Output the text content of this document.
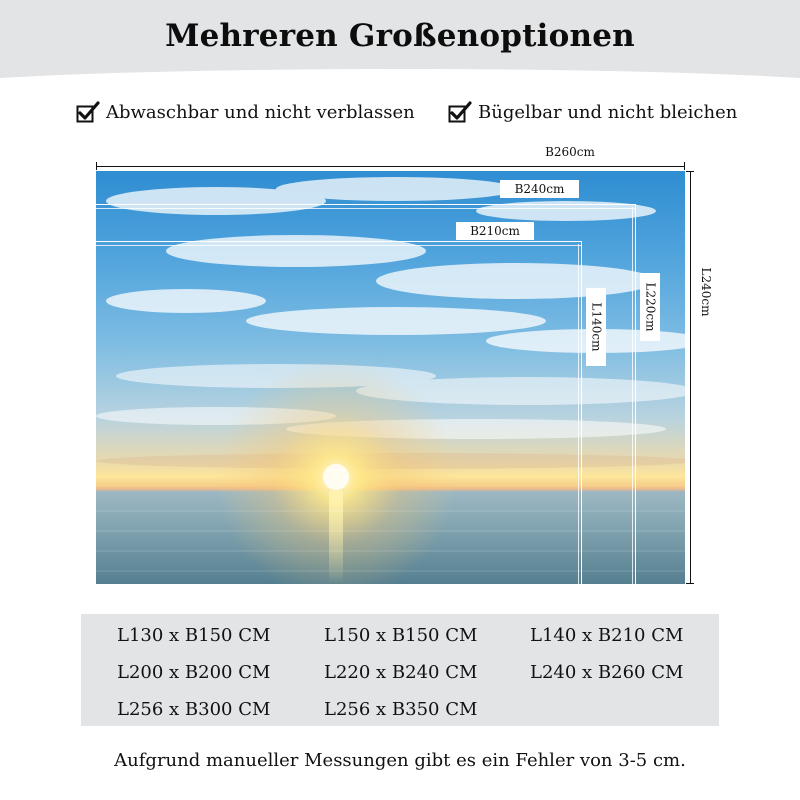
Mehreren Großenoptionen
Abwaschbar und nicht verblassen	Bügelbar und nicht bleichen
B260cm
L240cm
B240cm
B210cm
L220cm
L140cm
L130 x B150 CM	L150 x B150 CM	L140 x B210 CM
L200 x B200 CM	L220 x B240 CM	L240 x B260 CM
L256 x B300 CM	L256 x B350 CM
Aufgrund manueller Messungen gibt es ein Fehler von 3-5 cm.
